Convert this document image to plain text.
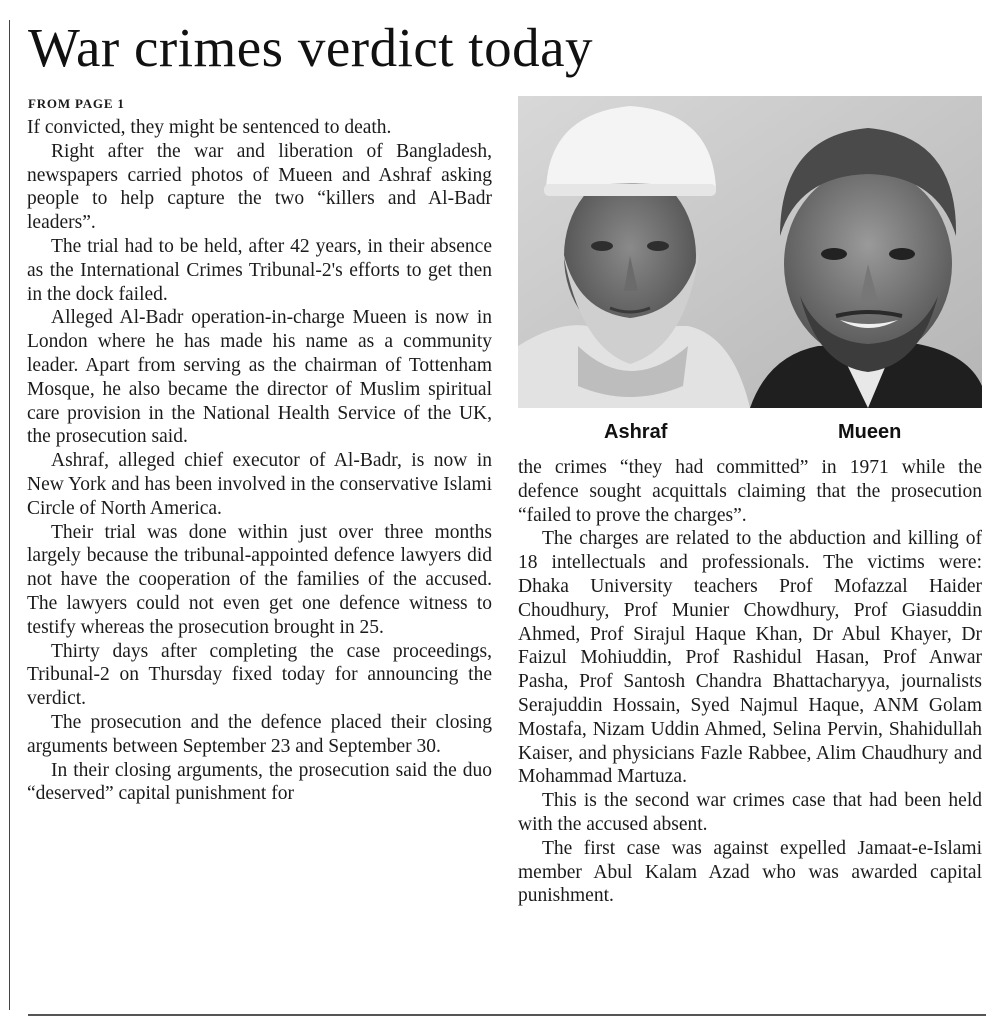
War crimes verdict today
FROM PAGE 1

If convicted, they might be sentenced to death.

Right after the war and liberation of Bangladesh, newspapers carried photos of Mueen and Ashraf asking people to help capture the two “killers and Al-Badr leaders”.

The trial had to be held, after 42 years, in their absence as the International Crimes Tribunal-2's efforts to get then in the dock failed.

Alleged Al-Badr operation-in-charge Mueen is now in London where he has made his name as a community leader. Apart from serving as the chairman of Tottenham Mosque, he also became the director of Muslim spiritual care provision in the National Health Service of the UK, the prosecution said.

Ashraf, alleged chief executor of Al-Badr, is now in New York and has been involved in the conservative Islami Circle of North America.

Their trial was done within just over three months largely because the tribunal-appointed defence lawyers did not have the cooperation of the families of the accused. The lawyers could not even get one defence witness to testify whereas the prosecution brought in 25.

Thirty days after completing the case proceedings, Tribunal-2 on Thursday fixed today for announcing the verdict.

The prosecution and the defence placed their closing arguments between September 23 and September 30.

In their closing arguments, the prosecution said the duo “deserved” capital punishment for

Ashraf	Mueen

the crimes “they had committed” in 1971 while the defence sought acquittals claiming that the prosecution “failed to prove the charges”.

The charges are related to the abduction and killing of 18 intellectuals and professionals. The victims were: Dhaka University teachers Prof Mofazzal Haider Choudhury, Prof Munier Chowdhury, Prof Giasuddin Ahmed, Prof Sirajul Haque Khan, Dr Abul Khayer, Dr Faizul Mohiuddin, Prof Rashidul Hasan, Prof Anwar Pasha, Prof Santosh Chandra Bhattacharyya, journalists Serajuddin Hossain, Syed Najmul Haque, ANM Golam Mostafa, Nizam Uddin Ahmed, Selina Pervin, Shahidullah Kaiser, and physicians Fazle Rabbee, Alim Chaudhury and Mohammad Martuza.

This is the second war crimes case that had been held with the accused absent.

The first case was against expelled Jamaat-e-Islami member Abul Kalam Azad who was awarded capital punishment.
